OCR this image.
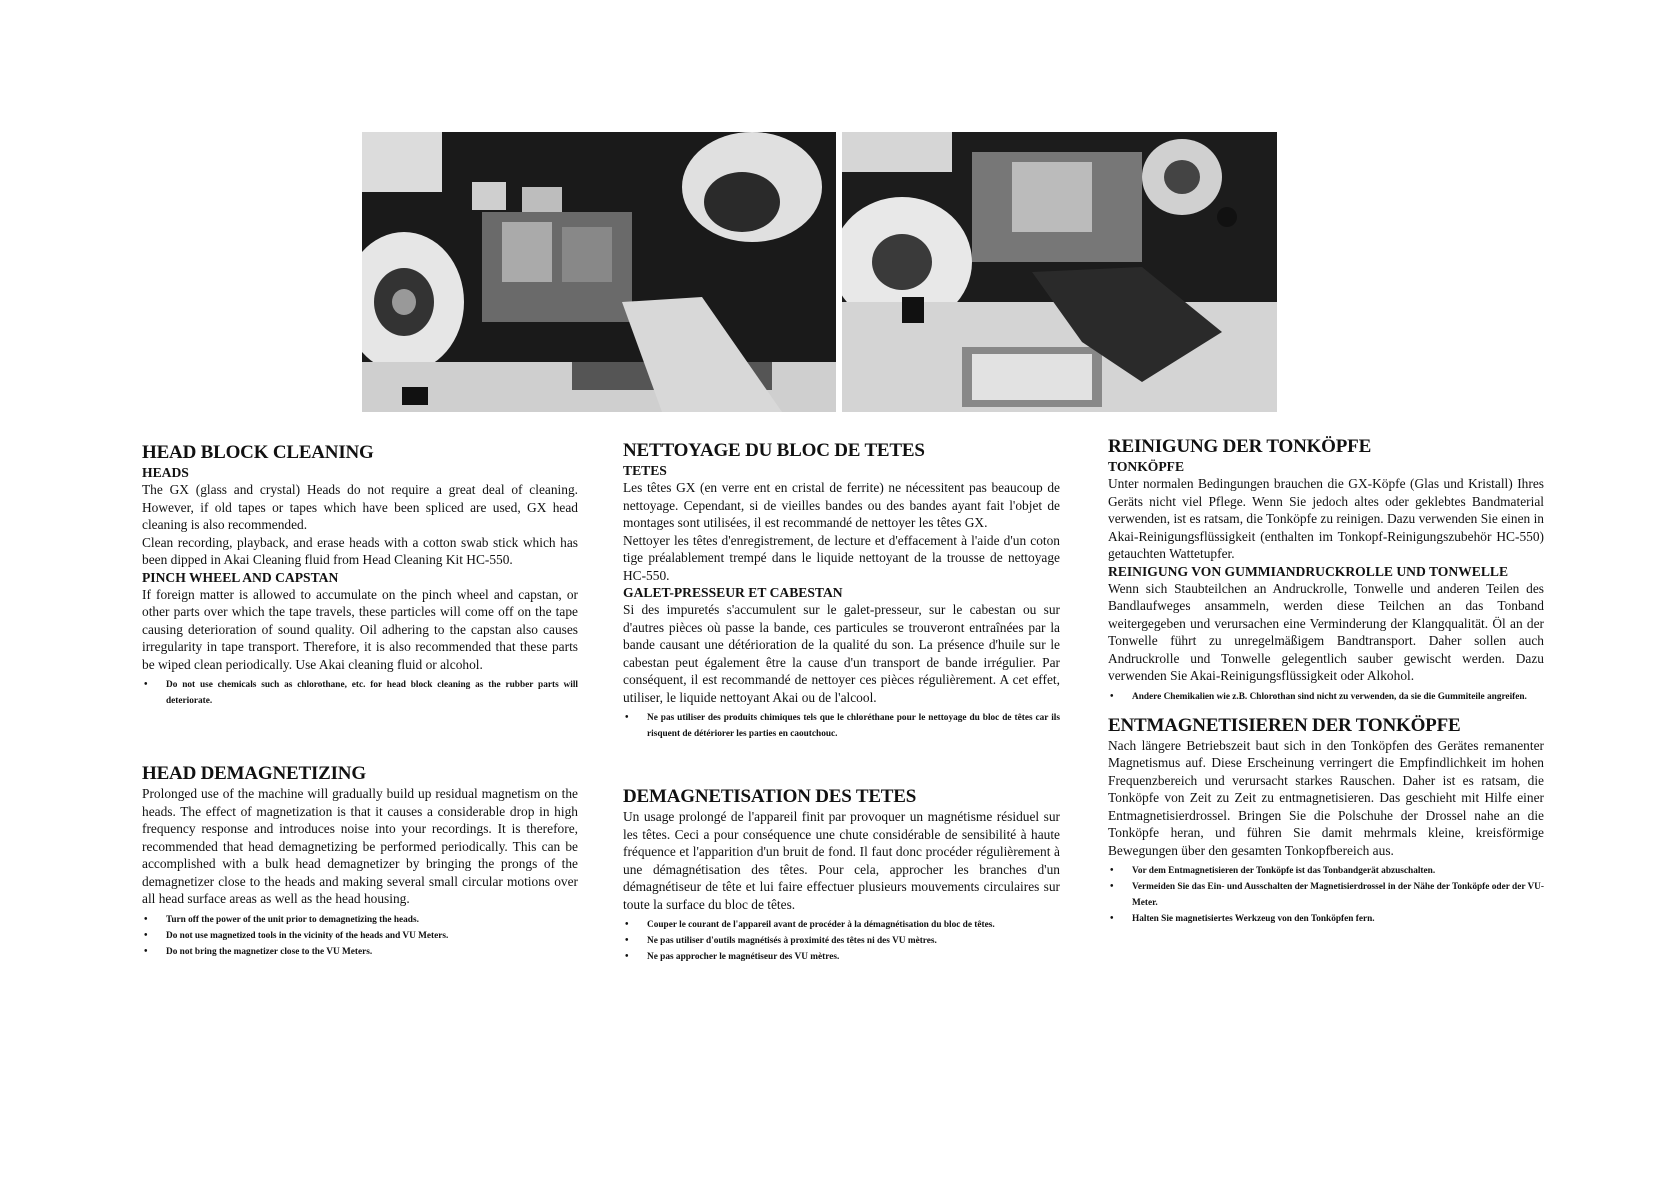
HEAD BLOCK CLEANING
HEADS

The GX (glass and crystal) Heads do not require a great deal of cleaning. However, if old tapes or tapes which have been spliced are used, GX head cleaning is also recommended.

Clean recording, playback, and erase heads with a cotton swab stick which has been dipped in Akai Cleaning fluid from Head Cleaning Kit HC-550.

PINCH WHEEL AND CAPSTAN

If foreign matter is allowed to accumulate on the pinch wheel and capstan, or other parts over which the tape travels, these particles will come off on the tape causing deterioration of sound quality. Oil adhering to the capstan also causes irregularity in tape transport. Therefore, it is also recommended that these parts be wiped clean periodically. Use Akai cleaning fluid or alcohol.

• Do not use chemicals such as chlorothane, etc. for head block cleaning as the rubber parts will deteriorate.
HEAD DEMAGNETIZING

Prolonged use of the machine will gradually build up residual magnetism on the heads. The effect of magnetization is that it causes a considerable drop in high frequency response and introduces noise into your recordings. It is therefore, recommended that head demagnetizing be performed periodically. This can be accomplished with a bulk head demagnetizer by bringing the prongs of the demagnetizer close to the heads and making several small circular motions over all head surface areas as well as the head housing.

• Turn off the power of the unit prior to demagnetizing the heads.
• Do not use magnetized tools in the vicinity of the heads and VU Meters.
• Do not bring the magnetizer close to the VU Meters.
NETTOYAGE DU BLOC DE TETES
TETES

Les têtes GX (en verre ent en cristal de ferrite) ne nécessitent pas beaucoup de nettoyage. Cependant, si de vieilles bandes ou des bandes ayant fait l'objet de montages sont utilisées, il est recommandé de nettoyer les têtes GX.

Nettoyer les têtes d'enregistrement, de lecture et d'effacement à l'aide d'un coton tige préalablement trempé dans le liquide nettoyant de la trousse de nettoyage HC-550.

GALET-PRESSEUR ET CABESTAN

Si des impuretés s'accumulent sur le galet-presseur, sur le cabestan ou sur d'autres pièces où passe la bande, ces particules se trouveront entraînées par la bande causant une détérioration de la qualité du son. La présence d'huile sur le cabestan peut également être la cause d'un transport de bande irrégulier. Par conséquent, il est recommandé de nettoyer ces pièces régulièrement. A cet effet, utiliser, le liquide nettoyant Akai ou de l'alcool.

• Ne pas utiliser des produits chimiques tels que le chloréthane pour le nettoyage du bloc de têtes car ils risquent de détériorer les parties en caoutchouc.
DEMAGNETISATION DES TETES

Un usage prolongé de l'appareil finit par provoquer un magnétisme résiduel sur les têtes. Ceci a pour conséquence une chute considérable de sensibilité à haute fréquence et l'apparition d'un bruit de fond. Il faut donc procéder régulièrement à une démagnétisation des têtes. Pour cela, approcher les branches d'un démagnétiseur de tête et lui faire effectuer plusieurs mouvements circulaires sur toute la surface du bloc de têtes.

• Couper le courant de l'appareil avant de procéder à la démagnétisation du bloc de têtes.
• Ne pas utiliser d'outils magnétisés à proximité des têtes ni des VU mètres.
• Ne pas approcher le magnétiseur des VU mètres.
REINIGUNG DER TONKÖPFE
TONKÖPFE

Unter normalen Bedingungen brauchen die GX-Köpfe (Glas und Kristall) Ihres Geräts nicht viel Pflege. Wenn Sie jedoch altes oder geklebtes Bandmaterial verwenden, ist es ratsam, die Tonköpfe zu reinigen. Dazu verwenden Sie einen in Akai-Reinigungsflüssigkeit (enthalten im Tonkopf-Reinigungszubehör HC-550) getauchten Wattetupfer.

REINIGUNG VON GUMMIANDRUCKROLLE UND TONWELLE

Wenn sich Staubteilchen an Andruckrolle, Tonwelle und anderen Teilen des Bandlaufweges ansammeln, werden diese Teilchen an das Tonband weitergegeben und verursachen eine Verminderung der Klangqualität. Öl an der Tonwelle führt zu unregelmäßigem Bandtransport. Daher sollen auch Andruckrolle und Tonwelle gelegentlich sauber gewischt werden. Dazu verwenden Sie Akai-Reinigungsflüssigkeit oder Alkohol.

• Andere Chemikalien wie z.B. Chlorothan sind nicht zu verwenden, da sie die Gummiteile angreifen.
ENTMAGNETISIEREN DER TONKÖPFE

Nach längere Betriebszeit baut sich in den Tonköpfen des Gerätes remanenter Magnetismus auf. Diese Erscheinung verringert die Empfindlichkeit im hohen Frequenzbereich und verursacht starkes Rauschen. Daher ist es ratsam, die Tonköpfe von Zeit zu Zeit zu entmagnetisieren. Das geschieht mit Hilfe einer Entmagnetisierdrossel. Bringen Sie die Polschuhe der Drossel nahe an die Tonköpfe heran, und führen Sie damit mehrmals kleine, kreisförmige Bewegungen über den gesamten Tonkopfbereich aus.

• Vor dem Entmagnetisieren der Tonköpfe ist das Tonbandgerät abzuschalten.
• Vermeiden Sie das Ein- und Ausschalten der Magnetisierdrossel in der Nähe der Tonköpfe oder der VU-Meter.
• Halten Sie magnetisiertes Werkzeug von den Tonköpfen fern.
